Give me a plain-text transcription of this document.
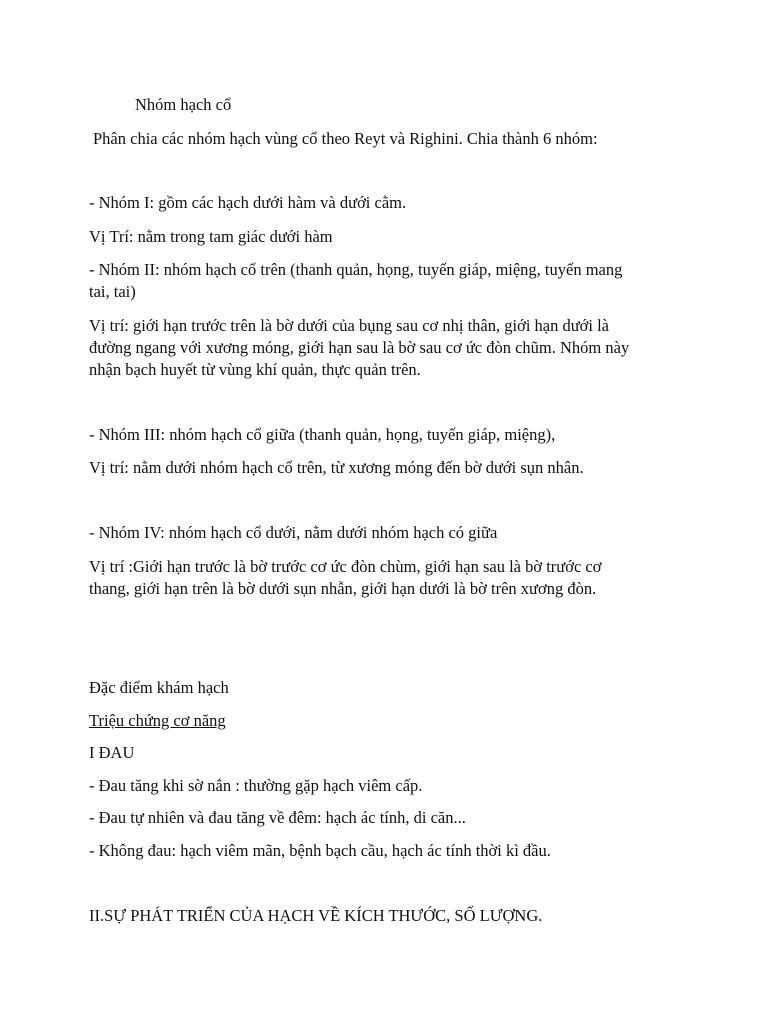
Nhóm hạch cổ
Phân chia các nhóm hạch vùng cổ theo Reyt và Righini. Chia thành 6 nhóm:
- Nhóm I: gồm các hạch dưới hàm và dưới cằm.
Vị Trí: nằm trong tam giác dưới hàm
- Nhóm II: nhóm hạch cổ trên (thanh quản, họng, tuyến giáp, miệng, tuyến mang
tai, tai)
Vị trí: giới hạn trước trên là bờ dưới của bụng sau cơ nhị thân, giới hạn dưới là
đường ngang với xương móng, giới hạn sau là bờ sau cơ ức đòn chũm. Nhóm này
nhận bạch huyết từ vùng khí quản, thực quản trên.
- Nhóm III: nhóm hạch cổ giữa (thanh quản, họng, tuyến giáp, miệng),
Vị trí: nằm dưới nhóm hạch cổ trên, từ xương móng đến bờ dưới sụn nhân.
- Nhóm IV: nhóm hạch cổ dưới, nằm dưới nhóm hạch có giữa
Vị trí :Giới hạn trước là bờ trước cơ ức đòn chùm, giới hạn sau là bờ trước cơ
thang, giới hạn trên là bờ dưới sụn nhẫn, giới hạn dưới là bờ trên xương đòn.
Đặc điểm khám hạch
Triệu chứng cơ năng
I ĐAU
- Đau tăng khi sờ nắn : thường gặp hạch viêm cấp.
- Đau tự nhiên và đau tăng về đêm: hạch ác tính, di căn...
- Không đau: hạch viêm mãn, bệnh bạch cầu, hạch ác tính thời kì đầu.
II.SỰ PHÁT TRIỂN CỦA HẠCH VỀ KÍCH THƯỚC, SỐ LƯỢNG.
